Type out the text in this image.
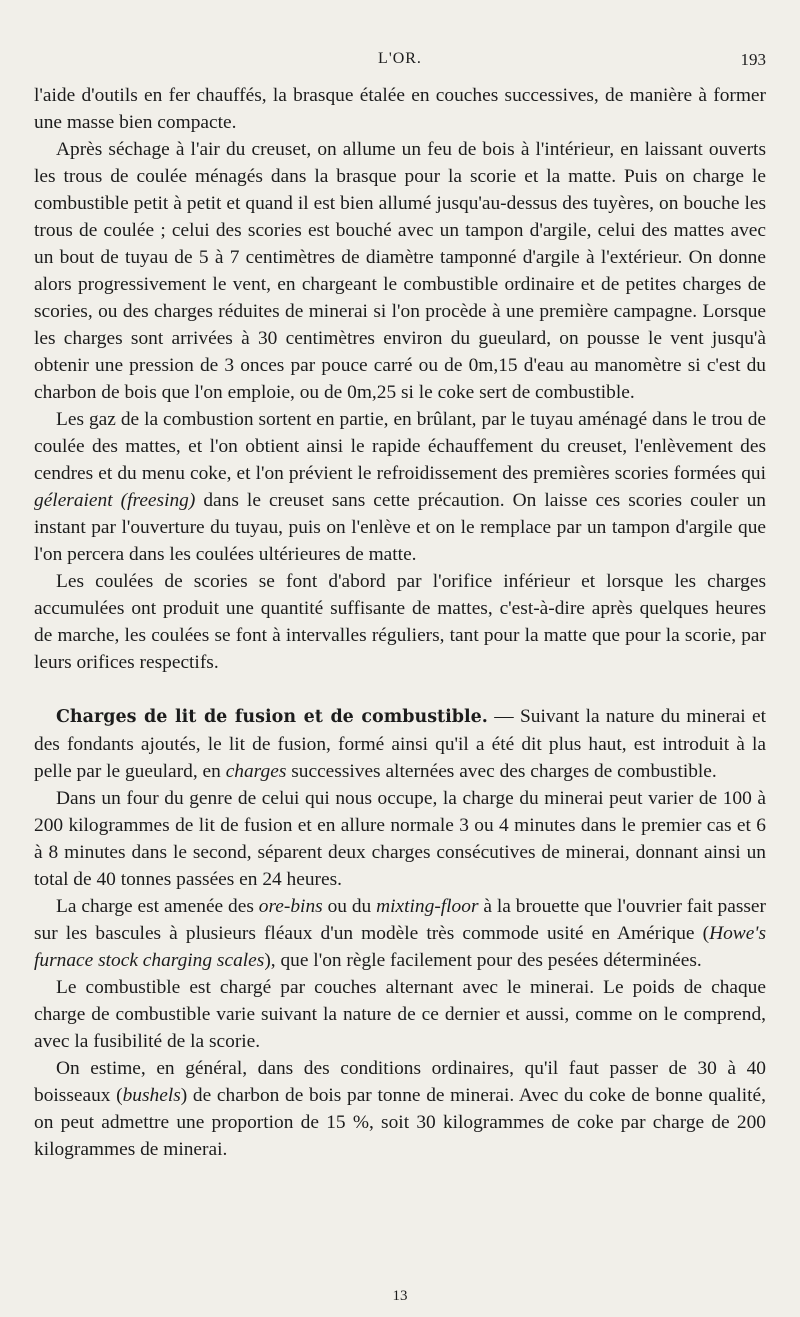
L'OR.	193

l'aide d'outils en fer chauffés, la brasque étalée en couches successives, de manière à former une masse bien compacte.

Après séchage à l'air du creuset, on allume un feu de bois à l'intérieur, en laissant ouverts les trous de coulée ménagés dans la brasque pour la scorie et la matte. Puis on charge le combustible petit à petit et quand il est bien allumé jusqu'au-dessus des tuyères, on bouche les trous de coulée ; celui des scories est bouché avec un tampon d'argile, celui des mattes avec un bout de tuyau de 5 à 7 centimètres de diamètre tamponné d'argile à l'extérieur. On donne alors progressivement le vent, en chargeant le combustible ordinaire et de petites charges de scories, ou des charges réduites de minerai si l'on procède à une première campagne. Lorsque les charges sont arrivées à 30 centimètres environ du gueulard, on pousse le vent jusqu'à obtenir une pression de 3 onces par pouce carré ou de 0m,15 d'eau au manomètre si c'est du charbon de bois que l'on emploie, ou de 0m,25 si le coke sert de combustible.

Les gaz de la combustion sortent en partie, en brûlant, par le tuyau aménagé dans le trou de coulée des mattes, et l'on obtient ainsi le rapide échauffement du creuset, l'enlèvement des cendres et du menu coke, et l'on prévient le refroidissement des premières scories formées qui géleraient (freesing) dans le creuset sans cette précaution. On laisse ces scories couler un instant par l'ouverture du tuyau, puis on l'enlève et on le remplace par un tampon d'argile que l'on percera dans les coulées ultérieures de matte.

Les coulées de scories se font d'abord par l'orifice inférieur et lorsque les charges accumulées ont produit une quantité suffisante de mattes, c'est-à-dire après quelques heures de marche, les coulées se font à intervalles réguliers, tant pour la matte que pour la scorie, par leurs orifices respectifs.

Charges de lit de fusion et de combustible. — Suivant la nature du minerai et des fondants ajoutés, le lit de fusion, formé ainsi qu'il a été dit plus haut, est introduit à la pelle par le gueulard, en charges successives alternées avec des charges de combustible.

Dans un four du genre de celui qui nous occupe, la charge du minerai peut varier de 100 à 200 kilogrammes de lit de fusion et en allure normale 3 ou 4 minutes dans le premier cas et 6 à 8 minutes dans le second, séparent deux charges consécutives de minerai, donnant ainsi un total de 40 tonnes passées en 24 heures.

La charge est amenée des ore-bins ou du mixting-floor à la brouette que l'ouvrier fait passer sur les bascules à plusieurs fléaux d'un modèle très commode usité en Amérique (Howe's furnace stock charging scales), que l'on règle facilement pour des pesées déterminées.

Le combustible est chargé par couches alternant avec le minerai. Le poids de chaque charge de combustible varie suivant la nature de ce dernier et aussi, comme on le comprend, avec la fusibilité de la scorie.

On estime, en général, dans des conditions ordinaires, qu'il faut passer de 30 à 40 boisseaux (bushels) de charbon de bois par tonne de minerai. Avec du coke de bonne qualité, on peut admettre une proportion de 15 %, soit 30 kilogrammes de coke par charge de 200 kilogrammes de minerai.

13
